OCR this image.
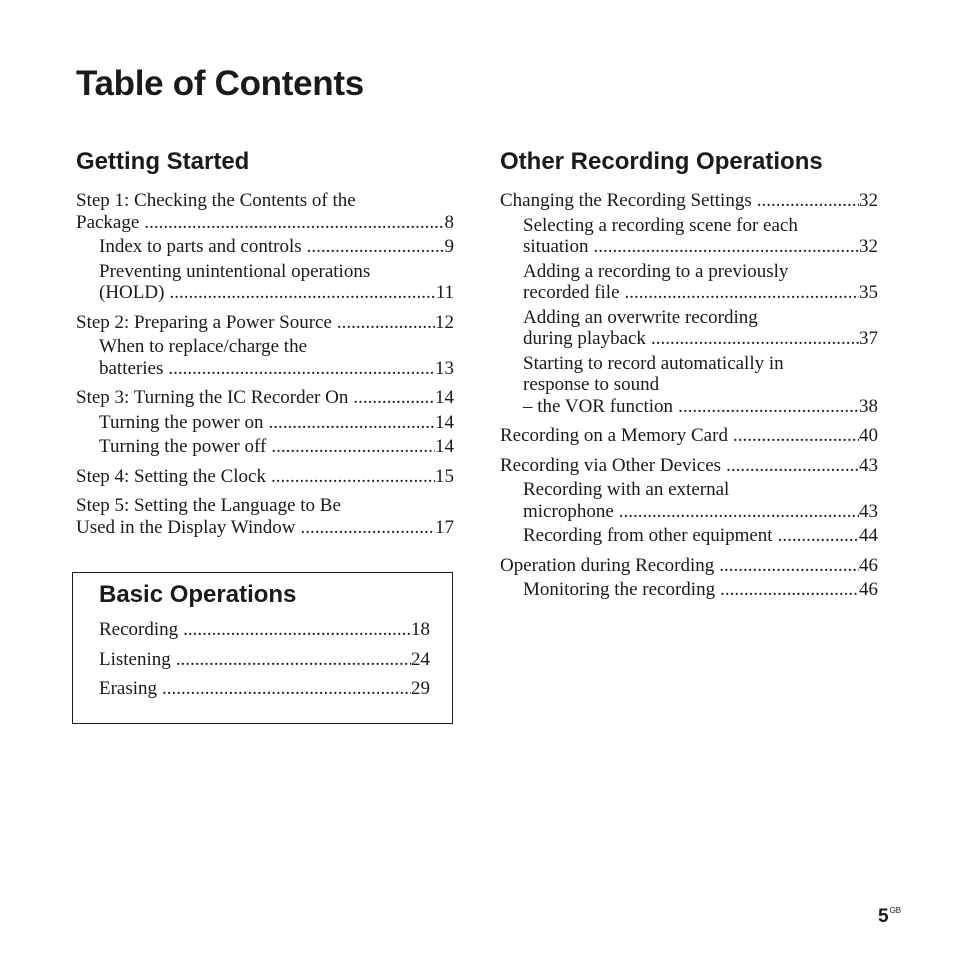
Table of Contents
Getting Started
Step 1: Checking the Contents of the
Package .....	8
Index to parts and controls .....	9
Preventing unintentional operations
(HOLD) .....	11
Step 2: Preparing a Power Source .....	12
When to replace/charge the
batteries .....	13
Step 3: Turning the IC Recorder On .....	14
Turning the power on .....	14
Turning the power off .....	14
Step 4: Setting the Clock .....	15
Step 5: Setting the Language to Be
Used in the Display Window .....	17
Basic Operations
Recording .....	18
Listening .....	24
Erasing .....	29
Other Recording Operations
Changing the Recording Settings .....	32
Selecting a recording scene for each
situation .....	32
Adding a recording to a previously
recorded file .....	35
Adding an overwrite recording
during playback .....	37
Starting to record automatically in
response to sound
– the VOR function .....	38
Recording on a Memory Card .....	40
Recording via Other Devices .....	43
Recording with an external
microphone .....	43
Recording from other equipment .....	44
Operation during Recording .....	46
Monitoring the recording .....	46
$5^{GB}$
